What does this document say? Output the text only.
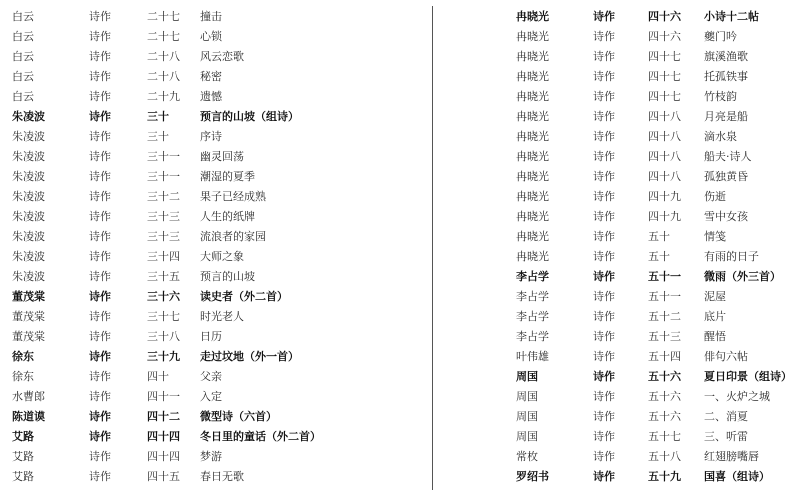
白云	诗作	二十七 撞击
白云	诗作	二十七 心锁
白云	诗作	二十八 风云恋歌
白云	诗作	二十八 秘密
白云	诗作	二十九 遗憾
朱凌波	诗作	三十	预言的山坡（组诗）
朱凌波	诗作	三十	序诗
朱凌波	诗作	三十一 幽灵回荡
朱凌波	诗作	三十一 潮湿的夏季
朱凌波	诗作	三十二 果子已经成熟
朱凌波	诗作	三十三 人生的纸牌
朱凌波	诗作	三十三 流浪者的家园
朱凌波	诗作	三十四 大师之象
朱凌波	诗作	三十五 预言的山坡
董茂棠	诗作	三十六 读史者（外二首）
董茂棠	诗作	三十七 时光老人
董茂棠	诗作	三十八 日历
徐东	诗作	三十九 走过坟地（外一首）
徐东	诗作	四十	父亲
水曹郎	诗作	四十一 入定
陈道谟	诗作	四十二 微型诗（六首）
艾路	诗作	四十四 冬日里的童话（外二首）
艾路	诗作	四十四 梦游
艾路	诗作	四十五 春日无歌
冉晓光	诗作	四十六 小诗十二帖
冉晓光	诗作	四十六 夔门吟
冉晓光	诗作	四十七 旗溪渔歌
冉晓光	诗作	四十七 托孤铁事
冉晓光	诗作	四十七 竹枝韵
冉晓光	诗作	四十八 月亮是船
冉晓光	诗作	四十八 滴水泉
冉晓光	诗作	四十八 船夫·诗人
冉晓光	诗作	四十八 孤独黄昏
冉晓光	诗作	四十九 伤逝
冉晓光	诗作	四十九 雪中女孩
冉晓光	诗作	五十	情笺
冉晓光	诗作	五十	有雨的日子
李占学	诗作	五十一 微雨（外三首）
李占学	诗作	五十一 泥屋
李占学	诗作	五十二 底片
李占学	诗作	五十三 醒悟
叶伟雄	诗作	五十四 俳句六帖
周国	诗作	五十六 夏日印景（组诗）
周国	诗作	五十六 一、火炉之城
周国	诗作	五十六 二、消夏
周国	诗作	五十七 三、听雷
常枚	诗作	五十八 红翅膀嘴唇
罗绍书	诗作	五十九 国喜（组诗）
